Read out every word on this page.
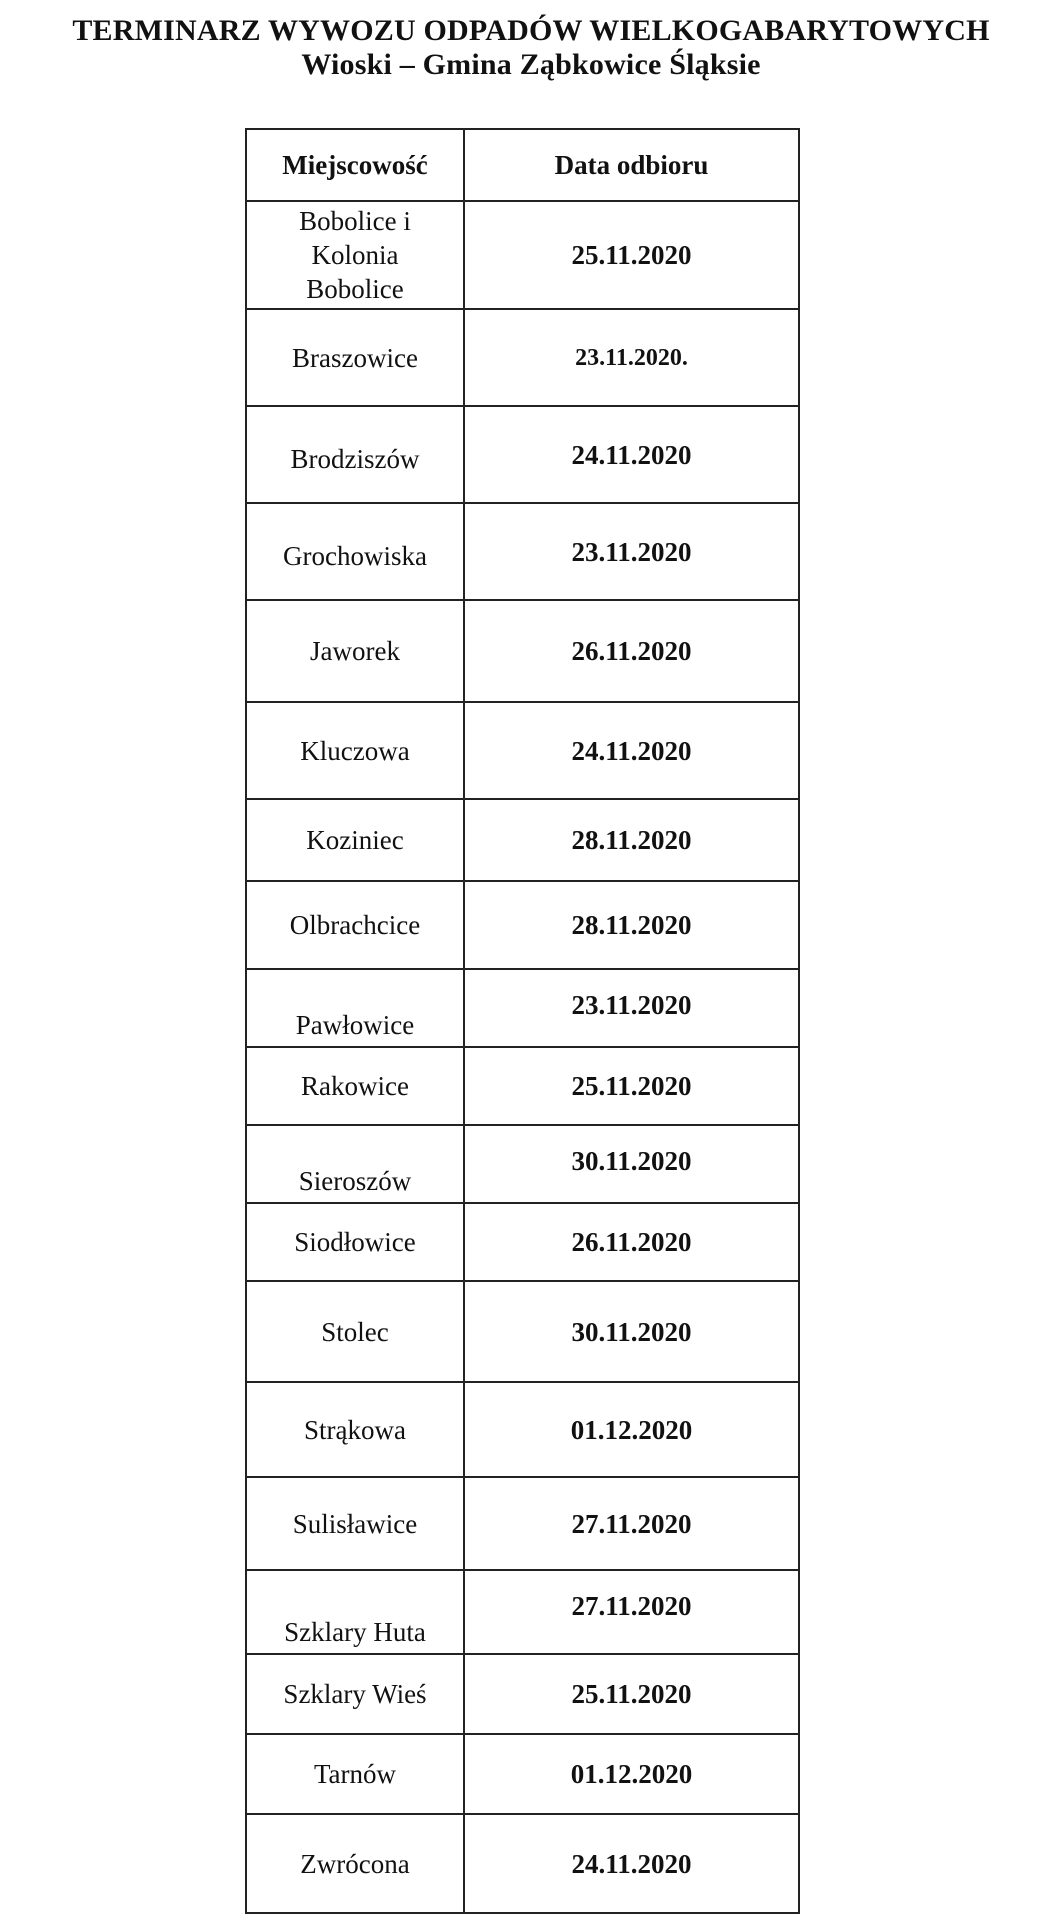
TERMINARZ WYWOZU ODPADÓW WIELKOGABARYTOWYCH
Wioski – Gmina Ząbkowice Śląksie
Miejscowość	Data odbioru
Bobolice i Kolonia Bobolice	25.11.2020
Braszowice	23.11.2020.
Brodziszów	24.11.2020
Grochowiska	23.11.2020
Jaworek	26.11.2020
Kluczowa	24.11.2020
Koziniec	28.11.2020
Olbrachcice	28.11.2020
Pawłowice	23.11.2020
Rakowice	25.11.2020
Sieroszów	30.11.2020
Siodłowice	26.11.2020
Stolec	30.11.2020
Strąkowa	01.12.2020
Sulisławice	27.11.2020
Szklary Huta	27.11.2020
Szklary Wieś	25.11.2020
Tarnów	01.12.2020
Zwrócona	24.11.2020
